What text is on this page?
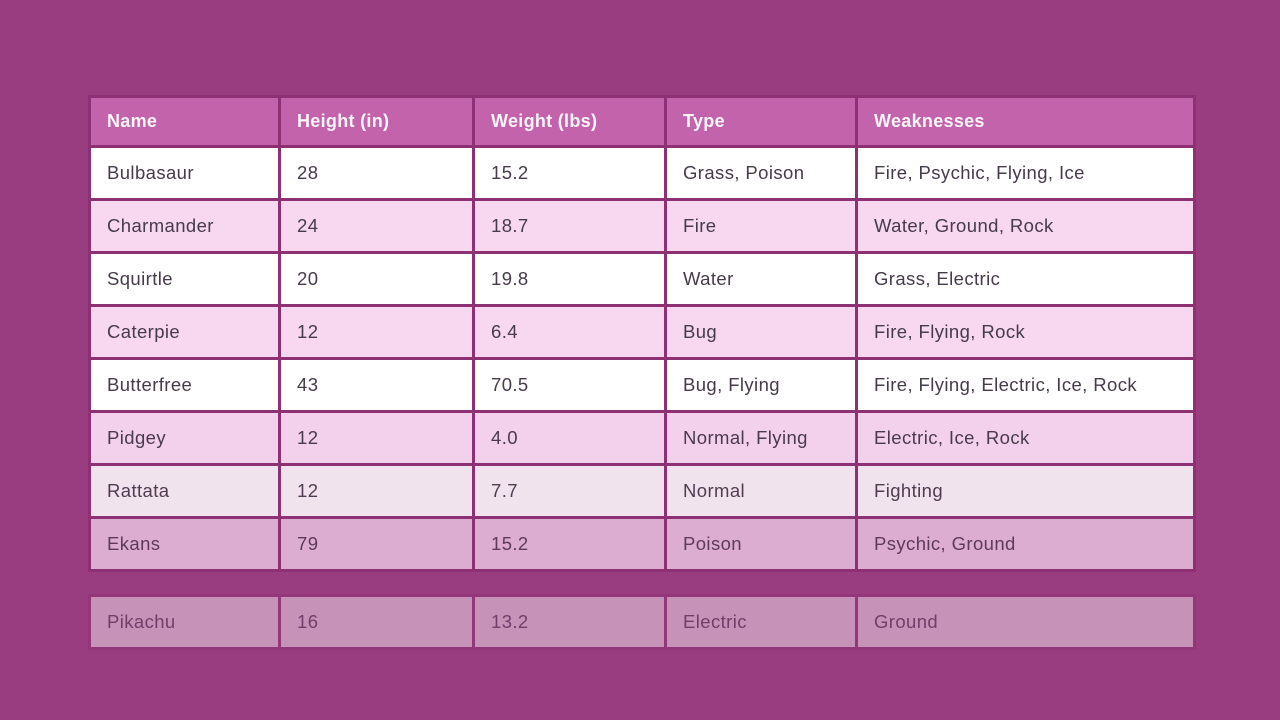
Name	Height (in)	Weight (lbs)	Type	Weaknesses
Bulbasaur	28	15.2	Grass, Poison	Fire, Psychic, Flying, Ice
Charmander	24	18.7	Fire	Water, Ground, Rock
Squirtle	20	19.8	Water	Grass, Electric
Caterpie	12	6.4	Bug	Fire, Flying, Rock
Butterfree	43	70.5	Bug, Flying	Fire, Flying, Electric, Ice, Rock
Pidgey	12	4.0	Normal, Flying	Electric, Ice, Rock
Rattata	12	7.7	Normal	Fighting
Ekans	79	15.2	Poison	Psychic, Ground
Pikachu	16	13.2	Electric	Ground
